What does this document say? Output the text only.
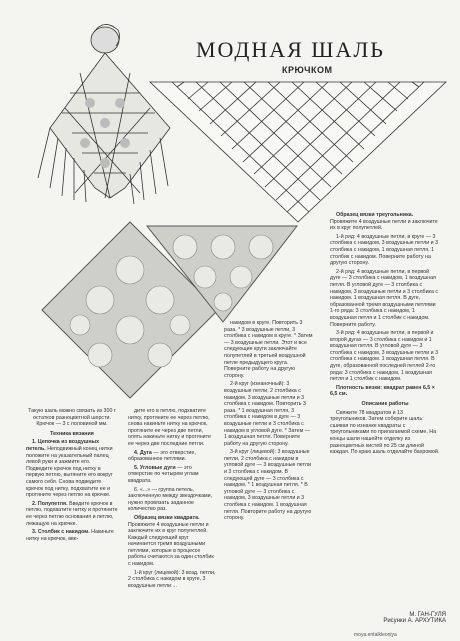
МОДНАЯ ШАЛЬ
КРЮЧКОМ

Такую шаль можно связать из 300 г остатков разноцветной шерсти. Крючок — 3 с половиной мм.

Техника вязания

1. Цепочка из воздушных петель. Неподвижный конец нитки положите на указательный палец левой руки и зажмите его. Подведите крючок под нитку в первую петлю, вытяните его вокруг самого себя. Снова подведите крючок под нитку, подхватите ее и протяните через петлю на крючке.

2. Полупетля. Введите крючок в петлю, подхватите нитку и протяните ее через петлю основания и петлю, лежащую на крючке.

3. Столбик с накидом. Накиньте нитку на крючок, вве-

дите его в петлю, подхватите нитку, протяните ее через петлю, снова накиньте нитку на крючок, протяните ее через две петли, опять накиньте нитку и протяните ее через две последние петли.

4. Дуга — это отверстие, образованное петлями.

5. Угловые дуги — это отверстие по четырем углам квадрата.

6. «...» — группа петель, заключенную между звездочками, нужно провязать заданное количество раз.

Образец вязки квадрата. Провяжите 4 воздушные петли и заключите их в круг полупетлей. Каждый следующий круг начинается тремя воздушными петлями, которые в процессе работы считаются за один столбик с накидом.

1-й круг (лицевой): 3 возд. петли, 2 столбика с накидом в круге, 3 воздушные петли ...

накидом в круге. Повторить 3 раза. * 3 воздушные петли, 3 столбика с накидом в круге. * Затем — 3 воздушные петли. Этот и все следующие круги заключайте полупетлей в третьей воздушной петле предыдущего круга. Поверните работу на другую сторону.

2-й круг (изнаночный): 3 воздушные петли, 2 столбика с накидом. 3 воздушные петли и 3 столбика с накидом. Повторить 3 раза. * 1 воздушная петля, 3 столбика с накидом в дуге — 3 воздушные петли и 3 столбика с накидом в угловой дуге. * Затем — 1 воздушная петля. Поверните работу на другую сторону.

3-й круг (лицевой): 3 воздушные петли, 2 столбика с накидом в угловой дуге — 3 воздушные петли и 3 столбика с накидом. В следующей дуге — 3 столбика с накидом. * 1 воздушная петля. * В угловой дуге — 3 столбика с накидом, 3 воздушные петли и 3 столбика с накидом. 1 воздушная петля. Повторите работу на другую сторону.

Образец вязки треугольника. Провяжите 4 воздушные петли и заключите их в круг полупетлей.

1-й ряд: 4 воздушные петли, в круге — 3 столбика с накидом, 3 воздушные петли и 3 столбика с накидом, 1 воздушная петля, 1 столбик с накидом. Поверните работу на другую сторону.

2-й ряд: 4 воздушные петли, в первой дуге — 3 столбика с накидом, 1 воздушная петля. В угловой дуге — 3 столбика с накидом, 3 воздушные петли и 3 столбика с накидом. 1 воздушная петля. В дуге, образованной тремя воздушными петлями 1-го ряда: 3 столбика с накидом, 1 воздушная петля и 1 столбик с накидом. Поверните работу.

3-й ряд: 4 воздушные петли, в первой и второй дугах — 3 столбика с накидом и 1 воздушная петля. В угловой дуге — 3 столбика с накидом, 3 воздушные петли и 3 столбика с накидом. 1 воздушная петля. В дуге, образованной последней петлей 2-го ряда: 3 столбика с накидом, 1 воздушная петля и 1 столбик с накидом.

Плотность вязки: квадрат равен 6,5 × 6,5 см.

Описание работы

Свяжите 78 квадратов и 13 треугольников. Затем соберите шаль: сшивая по изнанке квадраты с треугольниками по прилагаемой схеме. На концы шали нашейте отделку из разноцветных кистей по 25 см длиной каждая. По краю шаль отделайте бахромой.

М. ГАН-ГУЛЯ
Рисунки А. АРХУТИКА
moya.entalkleoniya
